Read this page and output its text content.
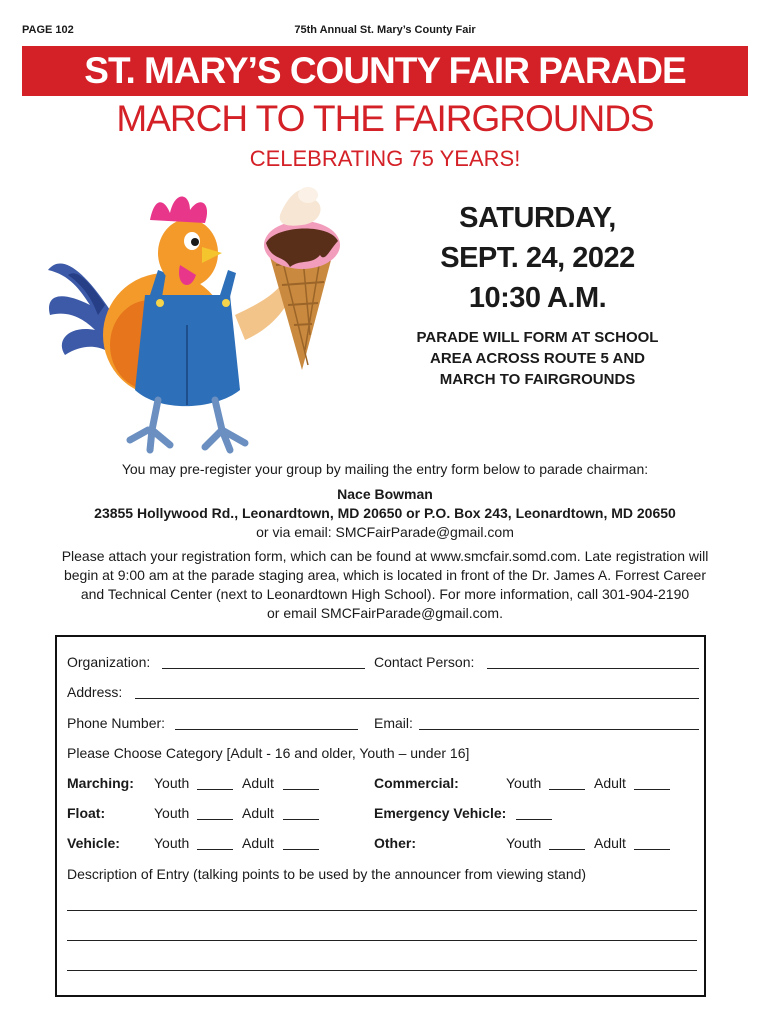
PAGE 102	75th Annual St. Mary’s County Fair
ST. MARY’S COUNTY FAIR PARADE
MARCH TO THE FAIRGROUNDS
CELEBRATING 75 YEARS!
SATURDAY,
SEPT. 24, 2022
10:30 A.M.
PARADE WILL FORM AT SCHOOL
AREA ACROSS ROUTE 5 AND
MARCH TO FAIRGROUNDS
You may pre-register your group by mailing the entry form below to parade chairman:
Nace Bowman
23855 Hollywood Rd., Leonardtown, MD 20650 or P.O. Box 243, Leonardtown, MD 20650
or via email: SMCFairParade@gmail.com
Please attach your registration form, which can be found at www.smcfair.somd.com. Late registration will
begin at 9:00 am at the parade staging area, which is located in front of the Dr. James A. Forrest Career
and Technical Center (next to Leonardtown High School). For more information, call 301-904-2190
or email SMCFairParade@gmail.com.
Organization:	Contact Person:
Address:
Phone Number:	Email:
Please Choose Category [Adult - 16 and older, Youth – under 16]
Marching: Youth	Adult	Commercial:	Youth	Adult
Float:	Youth	Adult	Emergency Vehicle:
Vehicle: Youth	Adult	Other:	Youth	Adult
Description of Entry (talking points to be used by the announcer from viewing stand)
